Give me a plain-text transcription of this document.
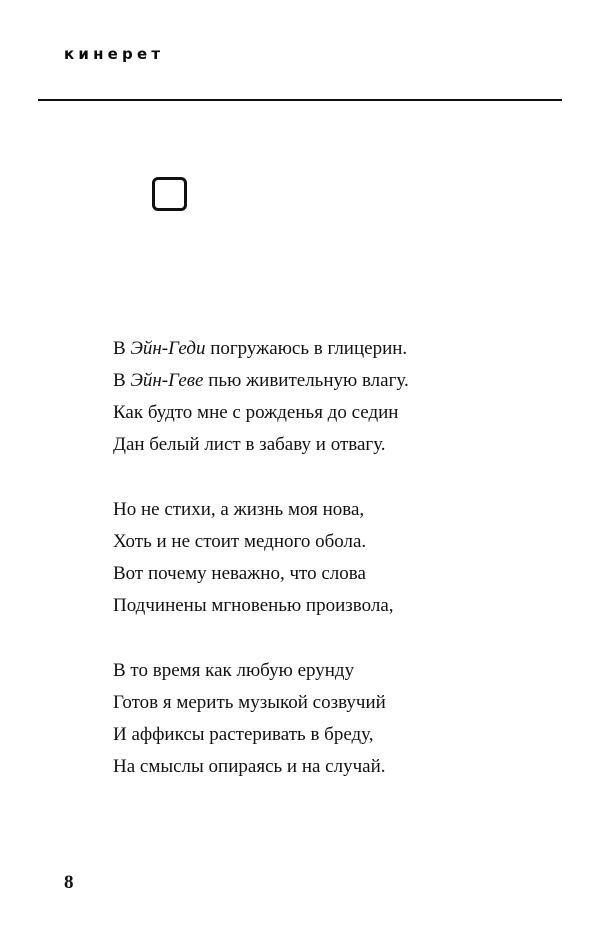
кинерет
В Эйн-Геди погружаюсь в глицерин.
В Эйн-Геве пью живительную влагу.
Как будто мне с рожденья до седин
Дан белый лист в забаву и отвагу.
Но не стихи, а жизнь моя нова,
Хоть и не стоит медного обола.
Вот почему неважно, что слова
Подчинены мгновенью произвола,
В то время как любую ерунду
Готов я мерить музыкой созвучий
И аффиксы растеривать в бреду,
На смыслы опираясь и на случай.
8
